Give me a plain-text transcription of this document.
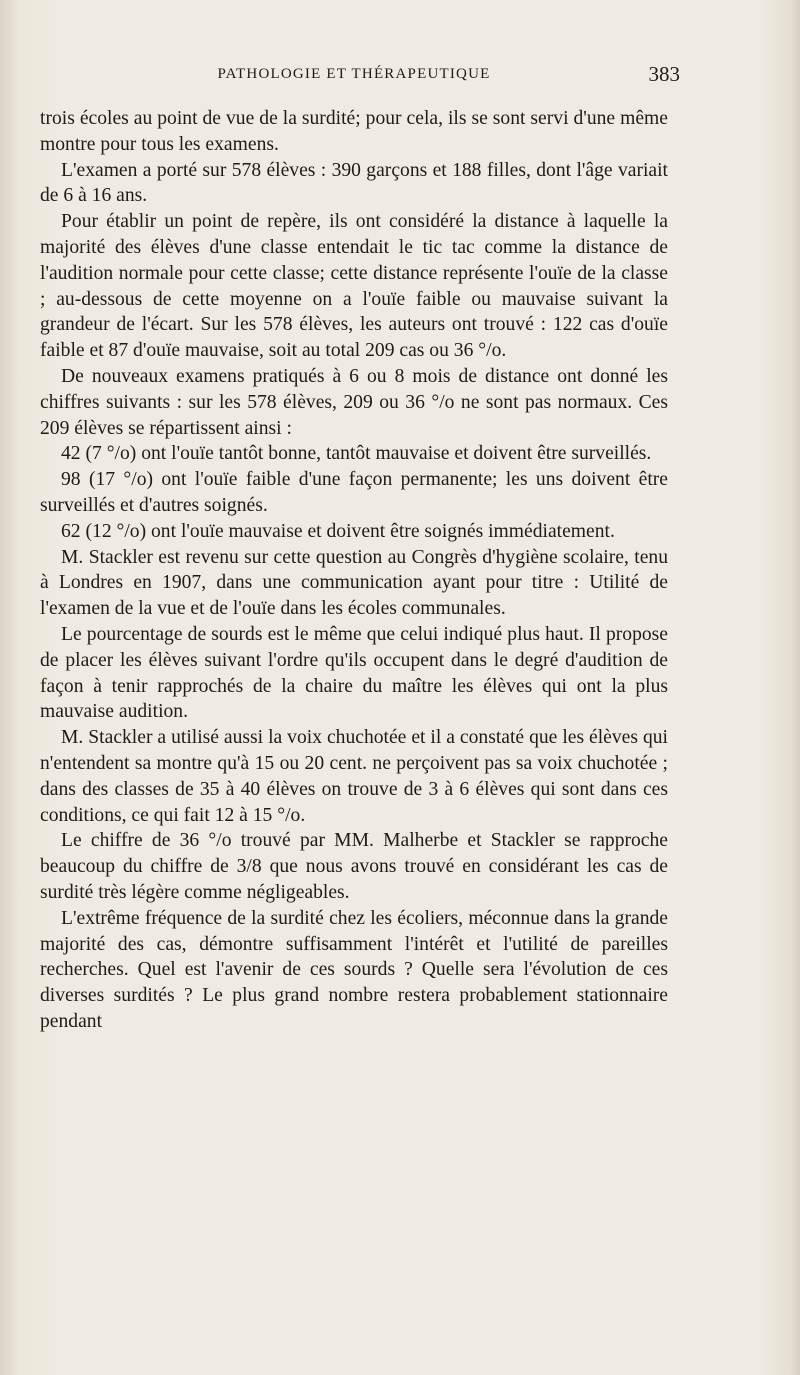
PATHOLOGIE ET THÉRAPEUTIQUE	383

trois écoles au point de vue de la surdité; pour cela, ils se sont servi d'une même montre pour tous les examens.

L'examen a porté sur 578 élèves : 390 garçons et 188 filles, dont l'âge variait de 6 à 16 ans.

Pour établir un point de repère, ils ont considéré la distance à laquelle la majorité des élèves d'une classe entendait le tic tac comme la distance de l'audition normale pour cette classe; cette distance représente l'ouïe de la classe ; au-dessous de cette moyenne on a l'ouïe faible ou mauvaise suivant la grandeur de l'écart. Sur les 578 élèves, les auteurs ont trouvé : 122 cas d'ouïe faible et 87 d'ouïe mauvaise, soit au total 209 cas ou 36 °/o.

De nouveaux examens pratiqués à 6 ou 8 mois de distance ont donné les chiffres suivants : sur les 578 élèves, 209 ou 36 °/o ne sont pas normaux. Ces 209 élèves se répartissent ainsi :

42 (7 °/o) ont l'ouïe tantôt bonne, tantôt mauvaise et doivent être surveillés.

98 (17 °/o) ont l'ouïe faible d'une façon permanente; les uns doivent être surveillés et d'autres soignés.

62 (12 °/o) ont l'ouïe mauvaise et doivent être soignés immédiatement.

M. Stackler est revenu sur cette question au Congrès d'hygiène scolaire, tenu à Londres en 1907, dans une communication ayant pour titre : Utilité de l'examen de la vue et de l'ouïe dans les écoles communales.

Le pourcentage de sourds est le même que celui indiqué plus haut. Il propose de placer les élèves suivant l'ordre qu'ils occupent dans le degré d'audition de façon à tenir rapprochés de la chaire du maître les élèves qui ont la plus mauvaise audition.

M. Stackler a utilisé aussi la voix chuchotée et il a constaté que les élèves qui n'entendent sa montre qu'à 15 ou 20 cent. ne perçoivent pas sa voix chuchotée ; dans des classes de 35 à 40 élèves on trouve de 3 à 6 élèves qui sont dans ces conditions, ce qui fait 12 à 15 °/o.

Le chiffre de 36 °/o trouvé par MM. Malherbe et Stackler se rapproche beaucoup du chiffre de 3/8 que nous avons trouvé en considérant les cas de surdité très légère comme négligeables.

L'extrême fréquence de la surdité chez les écoliers, méconnue dans la grande majorité des cas, démontre suffisamment l'intérêt et l'utilité de pareilles recherches. Quel est l'avenir de ces sourds ? Quelle sera l'évolution de ces diverses surdités ? Le plus grand nombre restera probablement stationnaire pendant
